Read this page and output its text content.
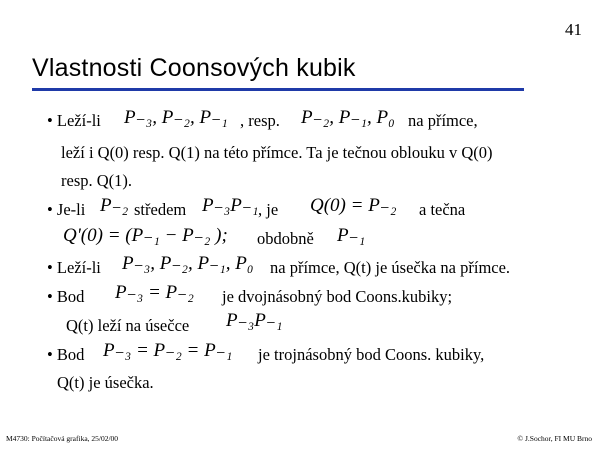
41
Vlastnosti Coonsových kubik
• Leží-li P₋₃, P₋₂, P₋₁ , resp. P₋₂, P₋₁, P₀ na přímce,
leží i Q(0) resp. Q(1) na této přímce. Ta je tečnou oblouku v Q(0)
resp. Q(1).
• Je-li P₋₂ středem P₋₃P₋₁ , je Q(0) = P₋₂ a tečna
Q'(0) = (P₋₁ − P₋₂ ); obdobně P₋₁
• Leží-li P₋₃, P₋₂, P₋₁, P₀ na přímce, Q(t) je úsečka na přímce.
• Bod P₋₃ = P₋₂ je dvojnásobný bod Coons.kubiky;
Q(t) leží na úsečce P₋₃P₋₁
• Bod P₋₃ = P₋₂ = P₋₁ je trojnásobný bod Coons. kubiky,
Q(t) je úsečka.
M4730: Počítačová grafika, 25/02/00	© J.Sochor, FI MU Brno
